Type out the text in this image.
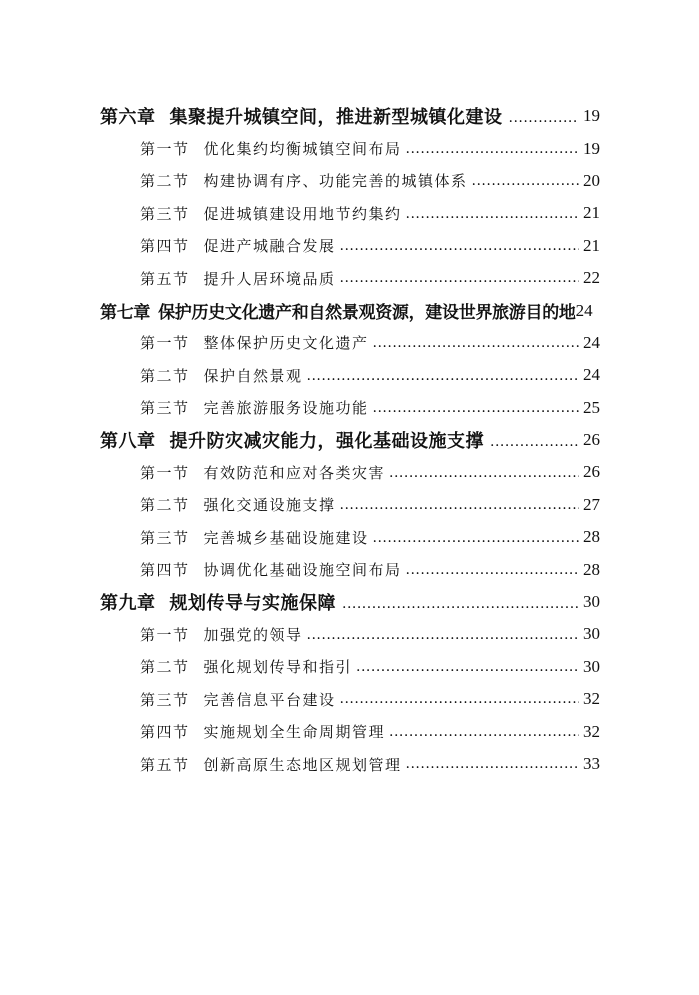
第六章 集聚提升城镇空间，推进新型城镇化建设 .....	19
第一节 优化集约均衡城镇空间布局 .....	19
第二节 构建协调有序、功能完善的城镇体系 .....	20
第三节 促进城镇建设用地节约集约 .....	21
第四节 促进产城融合发展 .....	21
第五节 提升人居环境品质 .....	22
第七章 保护历史文化遗产和自然景观资源，建设世界旅游目的地 24
第一节 整体保护历史文化遗产 .....	24
第二节 保护自然景观 .....	24
第三节 完善旅游服务设施功能 .....	25
第八章 提升防灾减灾能力，强化基础设施支撑 .....	26
第一节 有效防范和应对各类灾害 .....	26
第二节 强化交通设施支撑 .....	27
第三节 完善城乡基础设施建设 .....	28
第四节 协调优化基础设施空间布局 .....	28
第九章 规划传导与实施保障 .....	30
第一节 加强党的领导 .....	30
第二节 强化规划传导和指引 .....	30
第三节 完善信息平台建设 .....	32
第四节 实施规划全生命周期管理 .....	32
第五节 创新高原生态地区规划管理 .....	33
